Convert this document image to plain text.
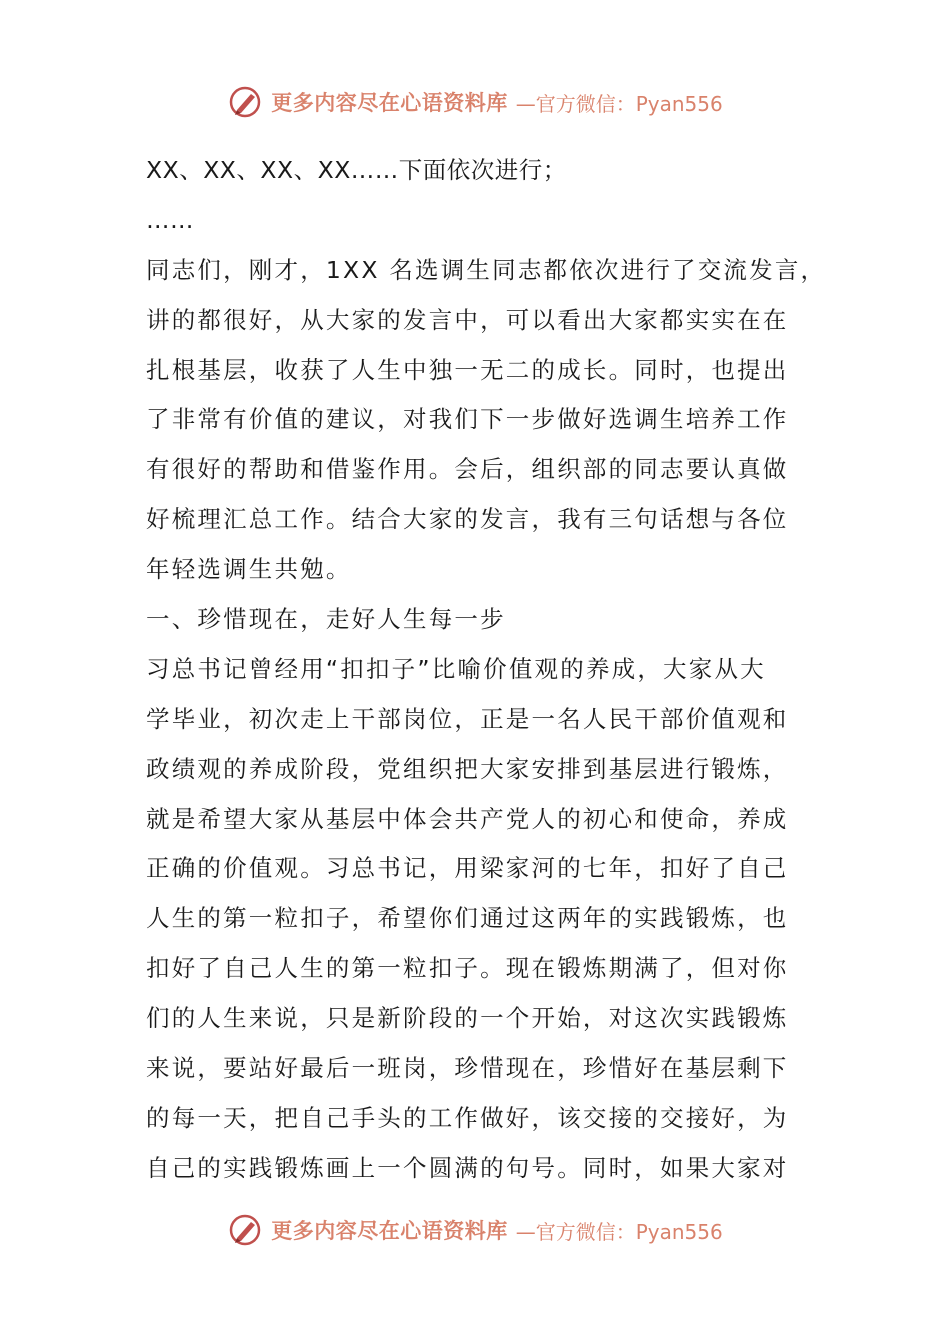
更多内容尽在心语资料库 —官方微信：Pyan556
XX、XX、XX、XX……下面依次进行；
……
同志们，刚才，1XX 名选调生同志都依次进行了交流发言，
讲的都很好，从大家的发言中，可以看出大家都实实在在
扎根基层，收获了人生中独一无二的成长。同时，也提出
了非常有价值的建议，对我们下一步做好选调生培养工作
有很好的帮助和借鉴作用。会后，组织部的同志要认真做
好梳理汇总工作。结合大家的发言，我有三句话想与各位
年轻选调生共勉。
一、珍惜现在，走好人生每一步
习总书记曾经用“扣扣子”比喻价值观的养成，大家从大
学毕业，初次走上干部岗位，正是一名人民干部价值观和
政绩观的养成阶段，党组织把大家安排到基层进行锻炼，
就是希望大家从基层中体会共产党人的初心和使命，养成
正确的价值观。习总书记，用梁家河的七年，扣好了自己
人生的第一粒扣子，希望你们通过这两年的实践锻炼，也
扣好了自己人生的第一粒扣子。现在锻炼期满了，但对你
们的人生来说，只是新阶段的一个开始，对这次实践锻炼
来说，要站好最后一班岗，珍惜现在，珍惜好在基层剩下
的每一天，把自己手头的工作做好，该交接的交接好，为
自己的实践锻炼画上一个圆满的句号。同时，如果大家对
更多内容尽在心语资料库 —官方微信：Pyan556
